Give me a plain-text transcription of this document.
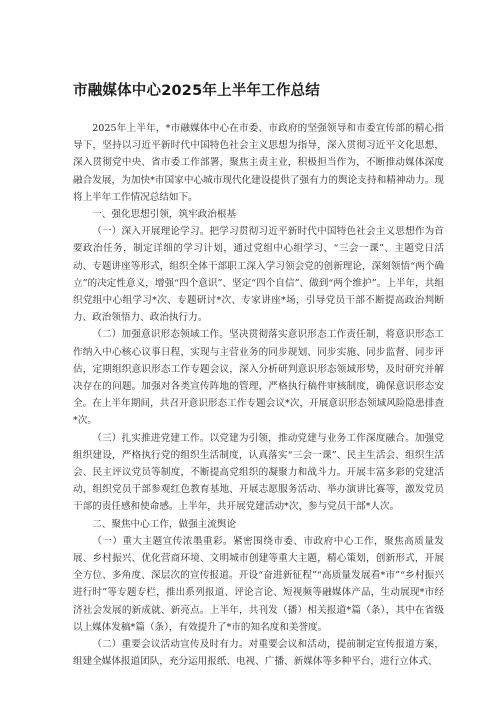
市融媒体中心2025年上半年工作总结

2025年上半年，*市融媒体中心在市委、市政府的坚强领导和市委宣传部的精心指导下，坚持以习近平新时代中国特色社会主义思想为指导，深入贯彻习近平文化思想，深入贯彻党中央、省市委工作部署，聚焦主责主业，积极担当作为，不断推动媒体深度融合发展，为加快*市国家中心城市现代化建设提供了强有力的舆论支持和精神动力。现将上半年工作情况总结如下。

一、强化思想引领，筑牢政治根基

（一）深入开展理论学习。把学习贯彻习近平新时代中国特色社会主义思想作为首要政治任务，制定详细的学习计划，通过党组中心组学习、“三会一课”、主题党日活动、专题讲座等形式，组织全体干部职工深入学习领会党的创新理论，深刻领悟“两个确立”的决定性意义，增强“四个意识”、坚定“四个自信”、做到“两个维护”。上半年，共组织党组中心组学习*次、专题研讨*次、专家讲座*场，引导党员干部不断提高政治判断力、政治领悟力、政治执行力。

（二）加强意识形态领域工作。坚决贯彻落实意识形态工作责任制，将意识形态工作纳入中心核心议事日程，实现与主营业务的同步规划、同步实施、同步监督、同步评估，定期组织意识形态工作专题会议，深入分析研判意识形态领域形势，及时研究并解决存在的问题。加强对各类宣传阵地的管理，严格执行稿件审核制度，确保意识形态安全。在上半年期间，共召开意识形态工作专题会议*次，开展意识形态领域风险隐患排查*次。

（三）扎实推进党建工作。以党建为引领，推动党建与业务工作深度融合。加强党组织建设，严格执行党的组织生活制度，认真落实“三会一课”、民主生活会、组织生活会、民主评议党员等制度，不断提高党组织的凝聚力和战斗力。开展丰富多彩的党建活动，组织党员干部参观红色教育基地、开展志愿服务活动、举办演讲比赛等，激发党员干部的责任感和使命感。上半年，共开展党建活动*次，参与党员干部*人次。

二、聚焦中心工作，做强主流舆论

（一）重大主题宣传浓墨重彩。紧密围绕市委、市政府中心工作，聚焦高质量发展、乡村振兴、优化营商环境、文明城市创建等重大主题，精心策划，创新形式，开展全方位、多角度、深层次的宣传报道。开设“奋进新征程”“高质量发展看*市”“乡村振兴进行时”等专题专栏，推出系列报道、评论言论、短视频等融媒体产品，生动展现*市经济社会发展的新成就、新亮点。上半年，共刊发（播）相关报道*篇（条），其中在省级以上媒体发稿*篇（条），有效提升了*市的知名度和美誉度。

（二）重要会议活动宣传及时有力。对重要会议和活动，提前制定宣传报道方案，组建全媒体报道团队，充分运用报纸、电视、广播、新媒体等多种平台，进行立体式、
